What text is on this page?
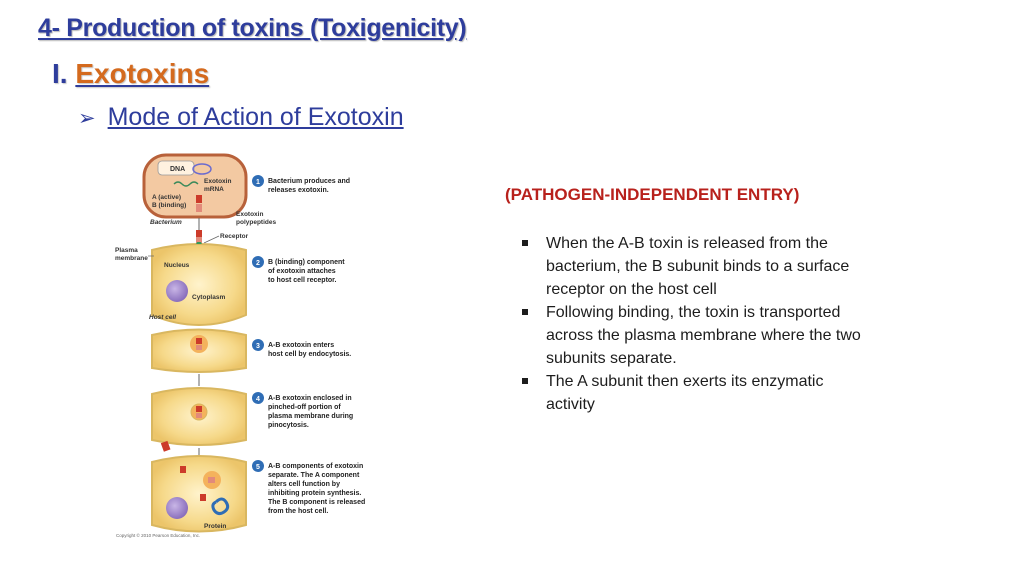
4- Production of toxins (Toxigenicity)
I. Exotoxins
➢ Mode of Action of Exotoxin
(PATHOGEN-INDEPENDENT ENTRY)
When the A-B toxin is released from the bacterium, the B subunit binds to a surface receptor on the host cell
Following binding, the toxin is transported across the plasma membrane where the two subunits separate.
The A subunit then exerts its enzymatic activity
DNA
Exotoxin
mRNA
A (active)
B (binding)
Bacterium
Exotoxin
polypeptides
Receptor
Plasma
membrane
Nucleus
Cytoplasm
Host cell
Protein
1 Bacterium produces and releases exotoxin.
2 B (binding) component of exotoxin attaches to host cell receptor.
3 A-B exotoxin enters host cell by endocytosis.
4 A-B exotoxin enclosed in pinched-off portion of plasma membrane during pinocytosis.
5 A-B components of exotoxin separate. The A component alters cell function by inhibiting protein synthesis. The B component is released from the host cell.
Copyright © 2010 Pearson Education, Inc.
